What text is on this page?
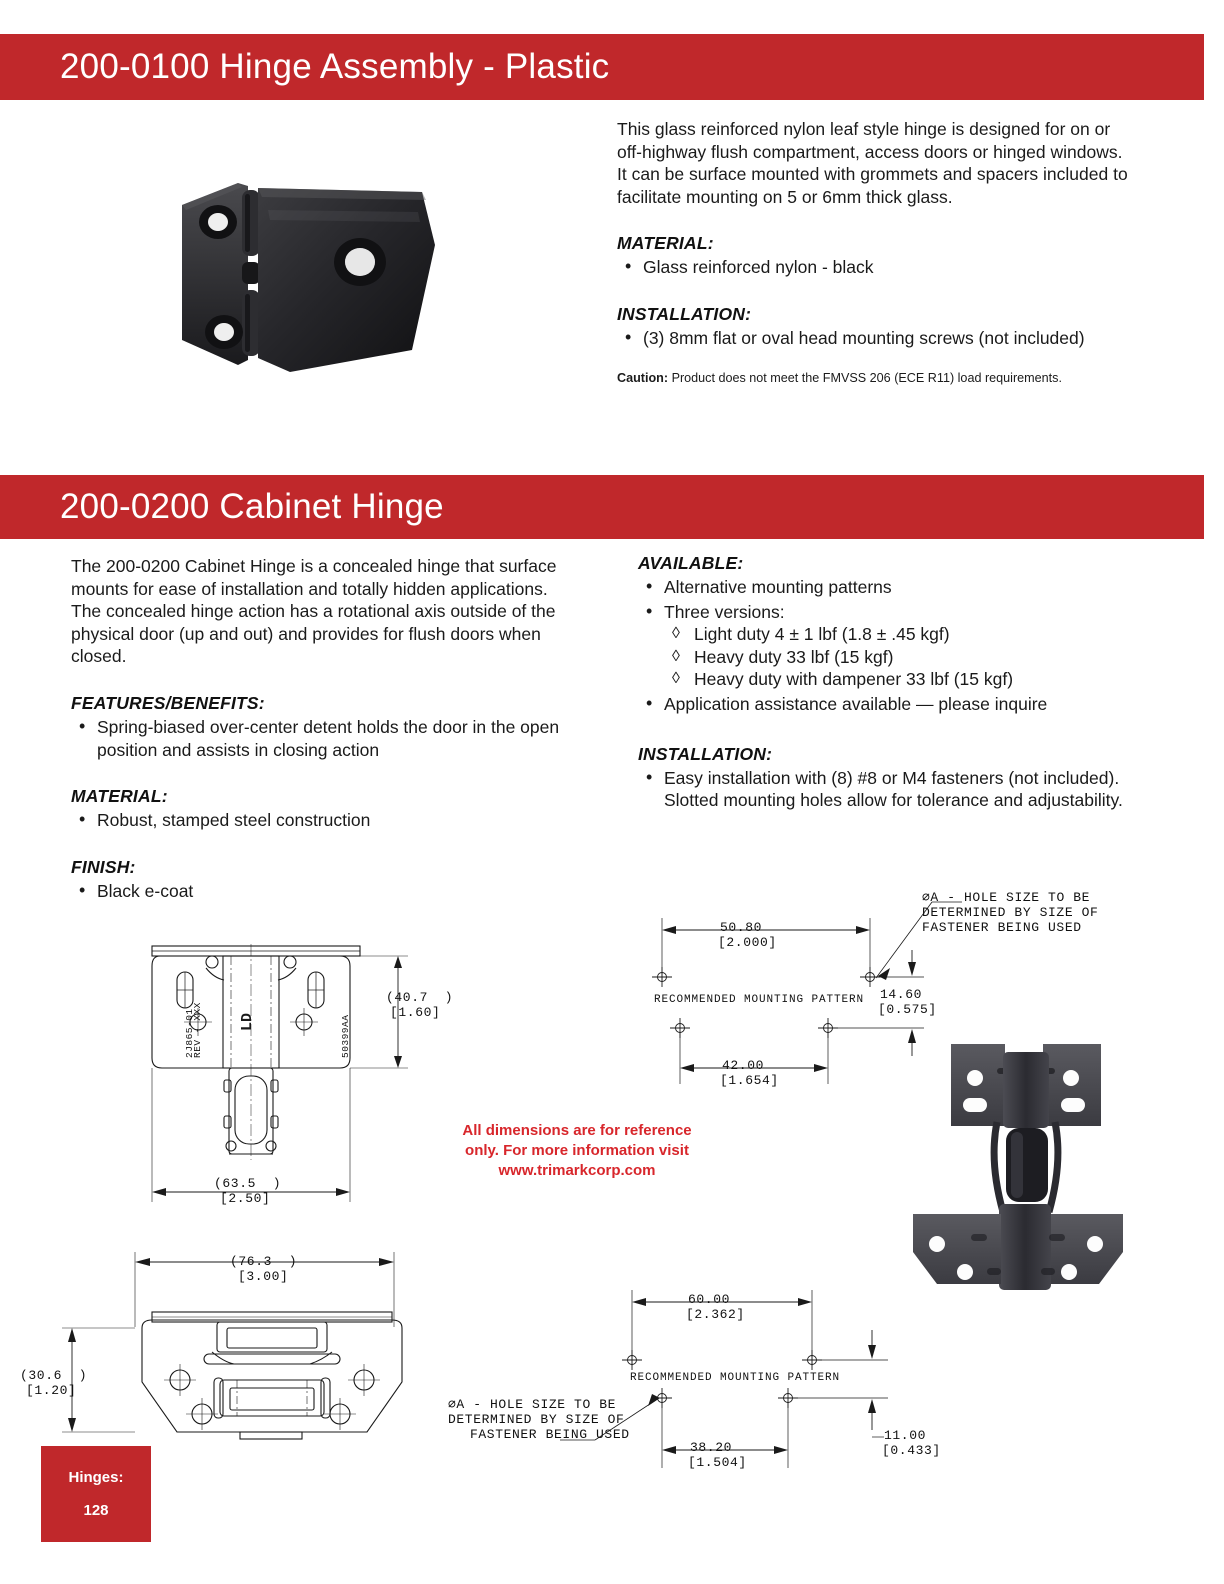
200-0100 Hinge Assembly - Plastic

This glass reinforced nylon leaf style hinge is designed for on or off-highway flush compartment, access doors or hinged windows. It can be surface mounted with grommets and spacers included to facilitate mounting on 5 or 6mm thick glass.

MATERIAL:
• Glass reinforced nylon - black
INSTALLATION:
• (3) 8mm flat or oval head mounting screws (not included)
Caution: Product does not meet the FMVSS 206 (ECE R11) load requirements.
200-0200 Cabinet Hinge

The 200-0200 Cabinet Hinge is a concealed hinge that surface mounts for ease of installation and totally hidden applications. The concealed hinge action has a rotational axis outside of the physical door (up and out) and provides for flush doors when closed.

FEATURES/BENEFITS:
• Spring-biased over-center detent holds the door in the open position and assists in closing action
MATERIAL:
• Robust, stamped steel construction
FINISH:
• Black e-coat
AVAILABLE:
• Alternative mounting patterns
• Three versions:
◊ Light duty 4 ± 1 lbf (1.8 ± .45 kgf)
◊ Heavy duty 33 lbf (15 kgf)
◊ Heavy duty with dampener 33 lbf (15 kgf)
• Application assistance available — please inquire
INSTALLATION:
• Easy installation with (8) #8 or M4 fasteners (not included). Slotted mounting holes allow for tolerance and adjustability.
LD
2J865-01
REV - XXX	50399AA
(40.7  )
[1.60]
(63.5  )
[2.50]
(76.3  )
[3.00]
(30.6  )
[1.20]
50.80
[2.000]
42.00
[1.654]
14.60
[0.575]
RECOMMENDED MOUNTING PATTERN
⌀A - HOLE SIZE TO BE
DETERMINED BY SIZE OF
FASTENER BEING USED
60.00
[2.362]
38.20
[1.504]
11.00
[0.433]
RECOMMENDED MOUNTING PATTERN
⌀A - HOLE SIZE TO BE
DETERMINED BY SIZE OF
FASTENER BEING USED
All dimensions are for reference
only. For more information visit
www.trimarkcorp.com
Hinges:
128
